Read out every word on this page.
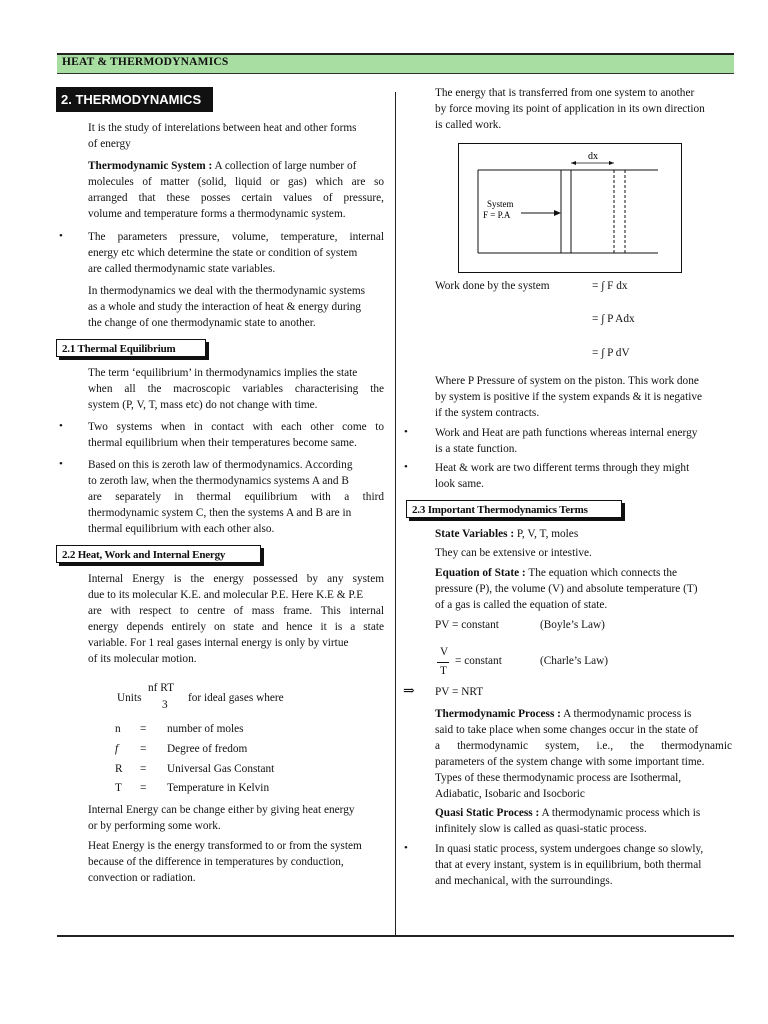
HEAT & THERMODYNAMICS
2. THERMODYNAMICS
It is the study of interelations between heat and other forms
of energy
Thermodynamic System : A collection of large number of
molecules of matter (solid, liquid or gas) which are so
arranged that these posses certain values of pressure,
volume and temperature forms a thermodynamic system.
• The parameters pressure, volume, temperature, internal
energy etc which determine the state or condition of system
are called thermodynamic state variables.
In thermodynamics we deal with the thermodynamic systems
as a whole and study the interaction of heat & energy during
the change of one thermodynamic state to another.
2.1 Thermal Equilibrium
The term ‘equilibrium’ in thermodynamics implies the state
when all the macroscopic variables characterising the
system (P, V, T, mass etc) do not change with time.
• Two systems when in contact with each other come to
thermal equilibrium when their temperatures become same.
• Based on this is zeroth law of thermodynamics. According
to zeroth law, when the thermodynamics systems A and B
are separately in thermal equilibrium with a third
thermodynamic system C, then the systems A and B are in
thermal equilibrium with each other also.
2.2 Heat, Work and Internal Energy
Internal Energy is the energy possessed by any system
due to its molecular K.E. and molecular P.E. Here K.E & P.E
are with respect to centre of mass frame. This internal
energy depends entirely on state and hence it is a state
variable. For 1 real gases internal energy is only by virtue
of its molecular motion.
Units
nf RT
3
for ideal gases where
n = number of moles
f = Degree of fredom
R = Universal Gas Constant
T = Temperature in Kelvin
Internal Energy can be change either by giving heat energy
or by performing some work.
Heat Energy is the energy transformed to or from the system
because of the difference in temperatures by conduction,
convection or radiation.
The energy that is transferred from one system to another
by force moving its point of application in its own direction
is called work.
dx
System
F = P.A
Work done by the system	= ∫ F dx
= ∫ P Adx
= ∫ P dV
Where P Pressure of system on the piston. This work done
by system is positive if the system expands & it is negative
if the system contracts.
• Work and Heat are path functions whereas internal energy
is a state function.
• Heat & work are two different terms through they might
look same.
2.3 Important Thermodynamics Terms
State Variables : P, V, T, moles
They can be extensive or intestive.
Equation of State : The equation which connects the
pressure (P), the volume (V) and absolute temperature (T)
of a gas is called the equation of state.
PV = constant	(Boyle’s Law)
V
T
= constant	(Charle’s Law)
⇒ PV = NRT
Thermodynamic Process : A thermodynamic process is
said to take place when some changes occur in the state of
a thermodynamic system, i.e., the thermodynamic
parameters of the system change with some important time.
Types of these thermodynamic process are Isothermal,
Adiabatic, Isobaric and Isocboric
Quasi Static Process : A thermodynamic process which is
infinitely slow is called as quasi-static process.
• In quasi static process, system undergoes change so slowly,
that at every instant, system is in equilibrium, both thermal
and mechanical, with the surroundings.
